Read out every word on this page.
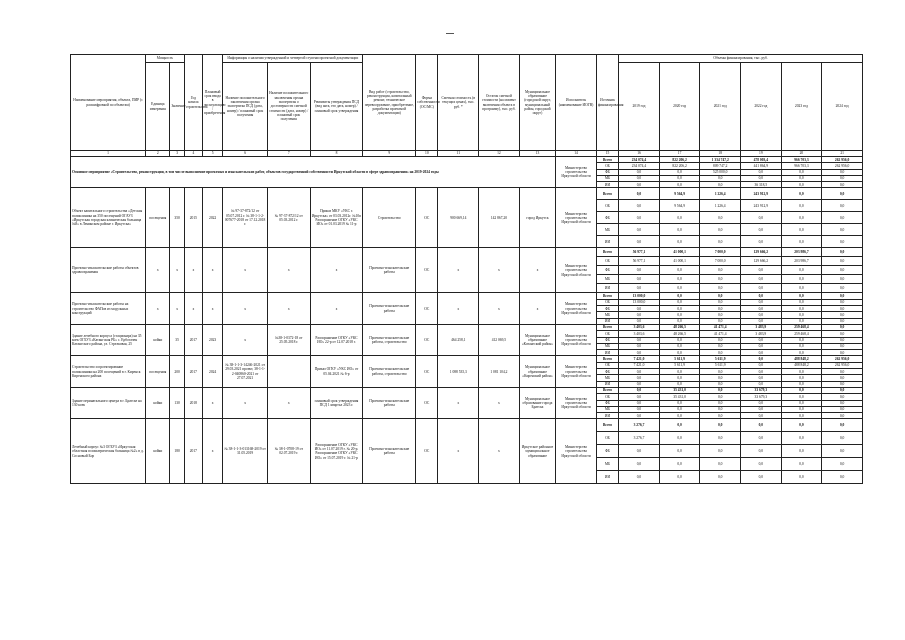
Наименование мероприятия, объекта, ПИР (с расшифровкой по объектам)	Мощность		Год начала строительства	Плановый срок ввода в эксплуатацию / приобретения	Информация о наличии утвержденной и четвертой ступени проектной документации			Вид работ (строительство, реконструкция, капитальный ремонт, техническое перевооружение, приобретение, разработка проектной документации)	Форма собственности (ОС/МС)	Сметная стоимость (в текущих ценах), тыс. руб. *	Остаток сметной стоимости (на момент включения объекта в программу), тыс. руб.	Муниципальное образование (городской округ, муниципальный район, городской округ)	Исполнитель (наименование ИОГВ)	Источник финансирования	Объемы финансирования, тыс. руб.					
	Единица измерения	Значение			Наличие положительного заключения органа экспертизы ПСД (дата, номер) / плановый срок получения	Наличие положительного заключения органа экспертизы о достоверности сметной стоимости (дата, номер) / плановый срок получения	Реквизиты утверждения ПСД (вид акта, его дата, номер) / плановый срок утверждения								2019 год	2020 год	2021 год	2022 год	2023 год	2024 год

1	2	3	4	5	6	7	8	9	10	11	12	13	14	15	16	17	18	19	20	21
Основное мероприятие «Строительство, реконструкция, в том числе выполнение проектных и изыскательских работ, объектов государственной собственности Иркутской области в сфере здравоохранения» на 2019-2024 годы													Министерство строительства Иркутской области	Всего	234 074,4	822 206,2	1 334 747,2	478 003,4	966 703,3	262 956,0
														ОБ	234 074,4	822 206,2	809 747,2	441 864,9	966 703,3	262 956,0
														ФБ	0,0	0,0	525 000,0	0,0	0,0	0,0
														МБ	0,0	0,0	0,0	0,0	0,0	0,0
														ИИ	0,0	0,0	0,0	36 318,5	0,0	0,0
Объект капитального строительства «Детская поликлиника на 350 посещений ОГАУЗ «Иркутская городская клиническая больница №8» в Ленинском районе г. Иркутска»	посещения	350	2015	2022	№ 97-37-872/12 от 05.07.2012 г. № 38-1-1-2-007677-2018 от 17.12.2018 г.	№ 97-37-872/12 от 05.03.2012 г.	Приказ МКУ «УКС г. Иркутска» от 03.03.2012г. №10п Распоряжение ОГКУ «УКС ИО» от 01.03.2019 № 11-р	Строительство	ОС	900 669,14	142 867,20	город Иркутск	Министерство строительства Иркутской области	Всего	0,0	9 564,9	1 226,4	243 912,9	0,0	0,0
														ОБ	0,0	9 564,9	1 226,4	243 912,9	0,0	0,0
														ФБ	0,0	0,0	0,0	0,0	0,0	0,0
														МБ	0,0	0,0	0,0	0,0	0,0	0,0
														ИИ	0,0	0,0	0,0	0,0	0,0	0,0
Проектно-изыскательские работы объектов здравоохранения	х	х	х	х	х	х	х	Проектно-изыскательские работы	ОС	х	х	х	Министерство строительства Иркутской области	Всего	56 977,1	41 000,1	7 000,0	129 666,2	203 986,7	0,0
														ОБ	56 977,1	41 000,1	7 000,0	129 666,2	203 986,7	0,0
														ФБ	0,0	0,0	0,0	0,0	0,0	0,0
														МБ	0,0	0,0	0,0	0,0	0,0	0,0
														ИИ	0,0	0,0	0,0	0,0	0,0	0,0
Проектно-изыскательские работы на строительство ФАПов из модульных конструкций	х	х	х	х	х	х	х	Проектно-изыскательские работы	ОС	х	х	х	Министерство строительства Иркутской области	Всего	13 000,0	0,0	0,0	0,0	0,0	0,0
														ОБ	13 000,0	0,0	0,0	0,0	0,0	0,0
														ФБ	0,0	0,0	0,0	0,0	0,0	0,0
														МБ	0,0	0,0	0,0	0,0	0,0	0,0
														ИИ	0,0	0,0	0,0	0,0	0,0	0,0
Здание лечебного корпуса (стационара) на 35 коек ОГБУЗ «Катангская РБ» с. Ербогачен Катангского района, ул. Стрелковая, 25	койки	35	2017	2023	х	№38-1-0372-18 от 25.05.2018 г.	Распоряжение ОГКУ «УКС ИО» 22-р от 12.07.2018 г.	Проектно-изыскательские работы, строительство	ОС	464 258,1	412 069,5	Муниципальное образование «Катангский район»	Министерство строительства Иркутской области	Всего	3 403,6	48 266,5	41 471,4	3 483,9	259 468,4	0,0
														ОБ	3 403,6	48 266,5	41 471,4	3 483,9	259 468,4	0,0
														ФБ	0,0	0,0	0,0	0,0	0,0	0,0
														МБ	0,0	0,0	0,0	0,0	0,0	0,0
														ИИ	0,0	0,0	0,0	0,0	0,0	0,0
Строительство и проектирование поликлиники на 200 посещений в г. Киренск Киренского района	посещения	200	2017	2024	№ 38-1-1-3-14246-2021 от 29.03.2021 проект, 38-1-1-2-040860-2021 от 27.07.2021		Приказ ОГКУ «УКС ИО» от 05.04.2021 № 6-р	Проектно-изыскательские работы, строительство	ОС	1 088 535,3	1 081 104,2	Муниципальное образование «Киренский район»	Министерство строительства Иркутской области	Всего	7 421,0	5 611,9	5 611,9	0,0	488 848,2	262 956,0
														ОБ	7 421,0	5 611,9	5 611,9	0,0	488 848,2	262 956,0
														ФБ	0,0	0,0	0,0	0,0	0,0	0,0
														МБ	0,0	0,0	0,0	0,0	0,0	0,0
														ИИ	0,0	0,0	0,0	0,0	0,0	0,0
Здание перинатального центра в г. Братске на 130 коек	койки	130	2018	х	х	х	плановый срок утверждения ПСД 1 квартал 2023 г.	Проектно-изыскательские работы	ОС	х	х	Муниципальное образование города Братска	Министерство строительства Иркутской области	Всего	0,0	35 431,0	0,0	33 679,3	0,0	0,0
														ОБ	0,0	35 431,0	0,0	33 679,3	0,0	0,0
														ФБ	0,0	0,0	0,0	0,0	0,0	0,0
														МБ	0,0	0,0	0,0	0,0	0,0	0,0
														ИИ	0,0	0,0	0,0	0,0	0,0	0,0
Лечебный корпус №3 ОГБУЗ «Иркутская областная психиатрическая больница №2» в д. Сосновый Бор	койки	180	2017	х	№ 38-1-1-3-013168-2019 от 31.05.2019	№ 38-1-0708-19 от 02.07.2019 г.	Распоряжение ОГКУ «УКС ИО» от 11.07.2019 г. № 20-р. Распоряжение ОГКУ «УКС ИО» от 15.07.2019 г. № 21-р	Проектно-изыскательские работы	ОС	х	х	Иркутское районное муниципальное образование	Министерство строительства Иркутской области	Всего	3 276,7	0,0	0,0	0,0	0,0	0,0
														ОБ	3 276,7	0,0	0,0	0,0	0,0	0,0
														ФБ	0,0	0,0	0,0	0,0	0,0	0,0
														МБ	0,0	0,0	0,0	0,0	0,0	0,0
														ИИ	0,0	0,0	0,0	0,0	0,0	0,0
